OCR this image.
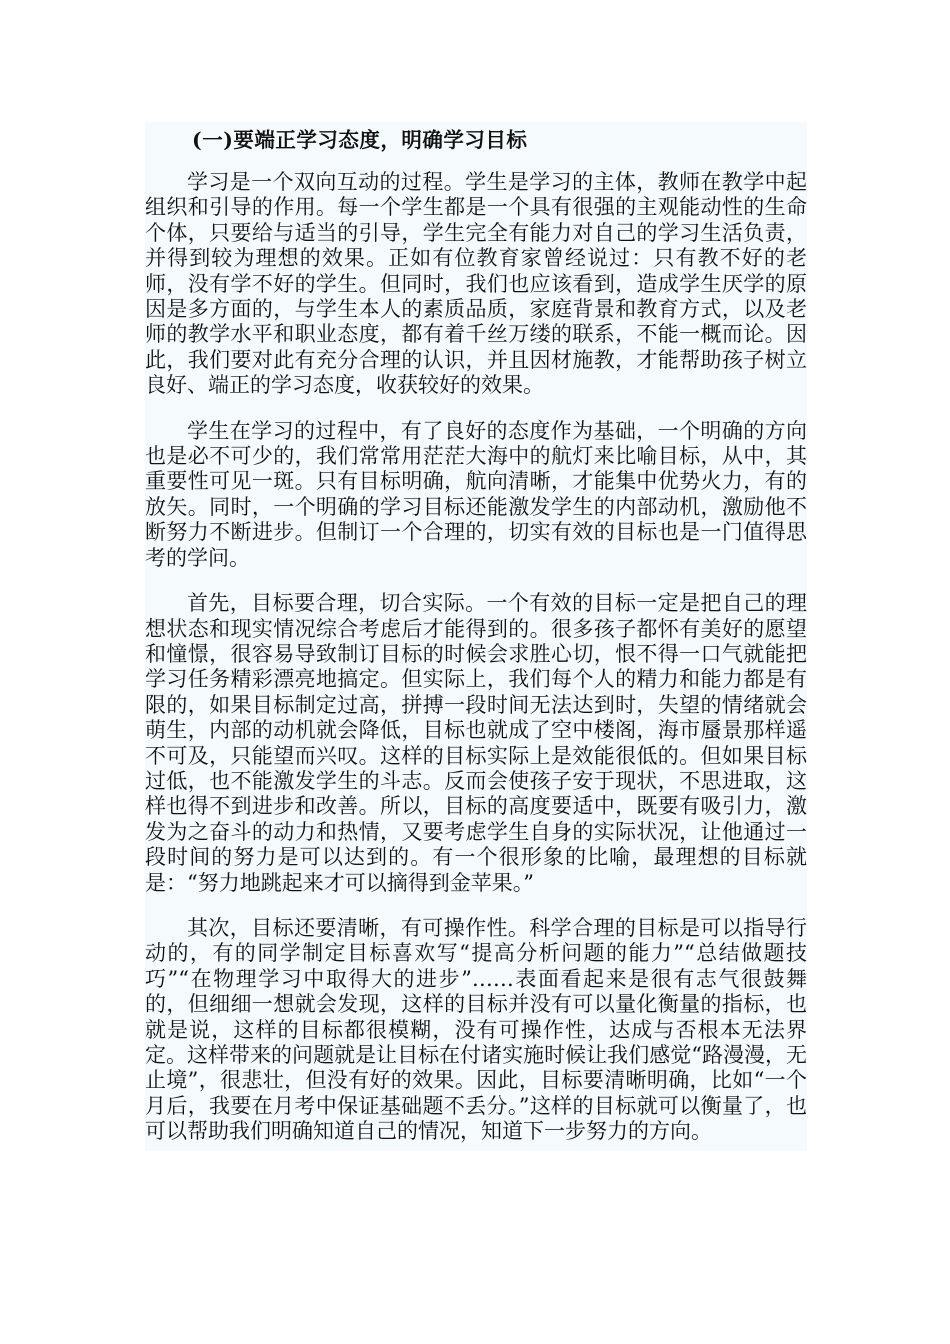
(一)要端正学习态度，明确学习目标

学习是一个双向互动的过程。学生是学习的主体，教师在教学中起组织和引导的作用。每一个学生都是一个具有很强的主观能动性的生命个体，只要给与适当的引导，学生完全有能力对自己的学习生活负责，并得到较为理想的效果。正如有位教育家曾经说过：只有教不好的老师，没有学不好的学生。但同时，我们也应该看到，造成学生厌学的原因是多方面的，与学生本人的素质品质，家庭背景和教育方式，以及老师的教学水平和职业态度，都有着千丝万缕的联系，不能一概而论。因此，我们要对此有充分合理的认识，并且因材施教，才能帮助孩子树立良好、端正的学习态度，收获较好的效果。

学生在学习的过程中，有了良好的态度作为基础，一个明确的方向也是必不可少的，我们常常用茫茫大海中的航灯来比喻目标，从中，其重要性可见一斑。只有目标明确，航向清晰，才能集中优势火力，有的放矢。同时，一个明确的学习目标还能激发学生的内部动机，激励他不断努力不断进步。但制订一个合理的，切实有效的目标也是一门值得思考的学问。

首先，目标要合理，切合实际。一个有效的目标一定是把自己的理想状态和现实情况综合考虑后才能得到的。很多孩子都怀有美好的愿望和憧憬，很容易导致制订目标的时候会求胜心切，恨不得一口气就能把学习任务精彩漂亮地搞定。但实际上，我们每个人的精力和能力都是有限的，如果目标制定过高，拼搏一段时间无法达到时，失望的情绪就会萌生，内部的动机就会降低，目标也就成了空中楼阁，海市蜃景那样遥不可及，只能望而兴叹。这样的目标实际上是效能很低的。但如果目标过低，也不能激发学生的斗志。反而会使孩子安于现状，不思进取，这样也得不到进步和改善。所以，目标的高度要适中，既要有吸引力，激发为之奋斗的动力和热情，又要考虑学生自身的实际状况，让他通过一段时间的努力是可以达到的。有一个很形象的比喻，最理想的目标就是：“努力地跳起来才可以摘得到金苹果。”

其次，目标还要清晰，有可操作性。科学合理的目标是可以指导行动的，有的同学制定目标喜欢写“提高分析问题的能力”“总结做题技巧”“在物理学习中取得大的进步”……表面看起来是很有志气很鼓舞的，但细细一想就会发现，这样的目标并没有可以量化衡量的指标，也就是说，这样的目标都很模糊，没有可操作性，达成与否根本无法界定。这样带来的问题就是让目标在付诸实施时候让我们感觉“路漫漫，无止境”，很悲壮，但没有好的效果。因此，目标要清晰明确，比如“一个月后，我要在月考中保证基础题不丢分。”这样的目标就可以衡量了，也可以帮助我们明确知道自己的情况，知道下一步努力的方向。
